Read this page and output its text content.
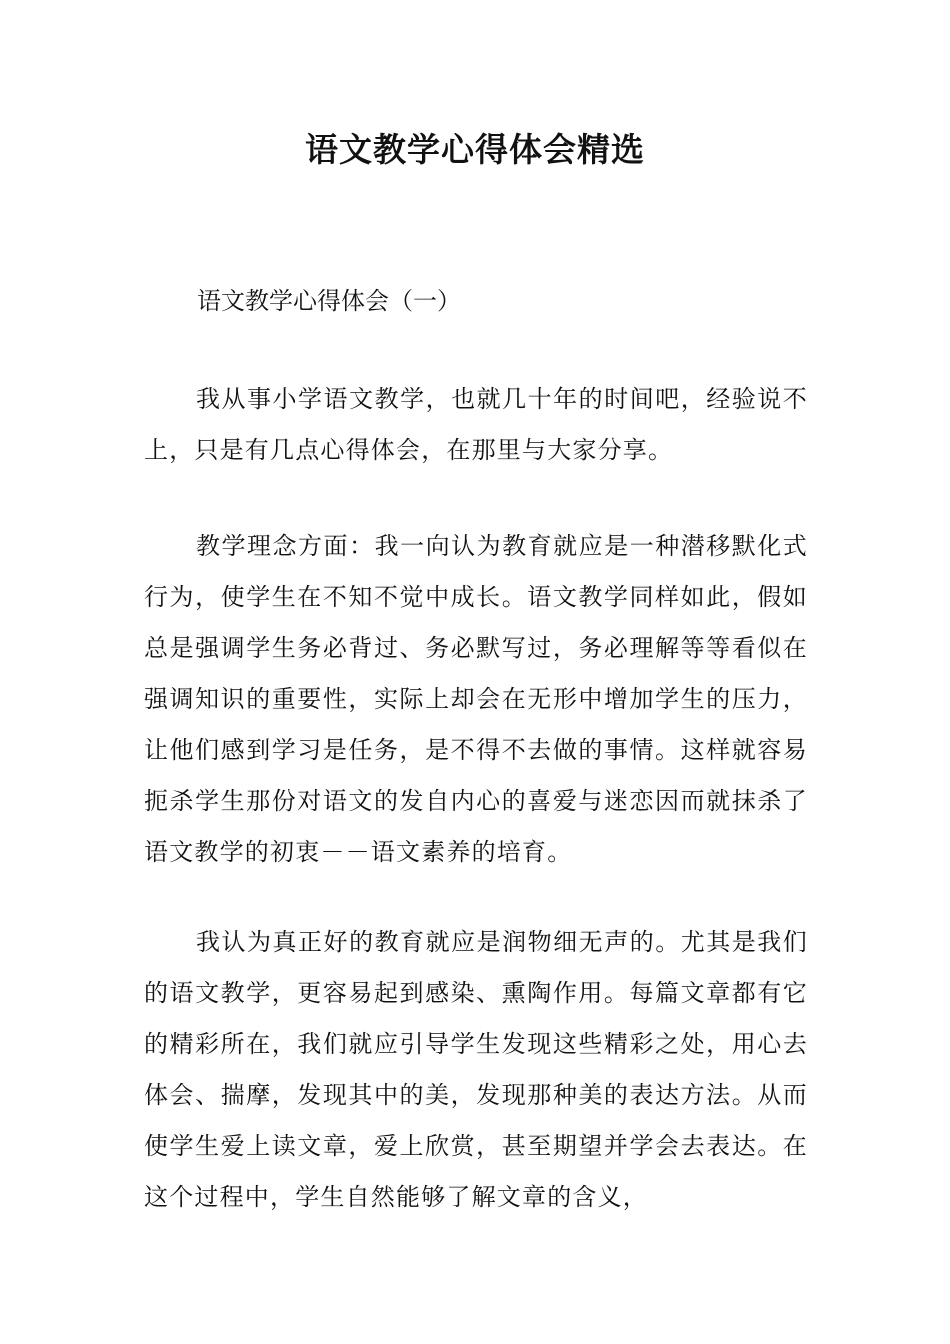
语文教学心得体会精选

语文教学心得体会（一）

我从事小学语文教学，也就几十年的时间吧，经验说不上，只是有几点心得体会，在那里与大家分享。

教学理念方面：我一向认为教育就应是一种潜移默化式行为，使学生在不知不觉中成长。语文教学同样如此，假如总是强调学生务必背过、务必默写过，务必理解等等看似在强调知识的重要性，实际上却会在无形中增加学生的压力，让他们感到学习是任务，是不得不去做的事情。这样就容易扼杀学生那份对语文的发自内心的喜爱与迷恋因而就抹杀了语文教学的初衷－－语文素养的培育。

我认为真正好的教育就应是润物细无声的。尤其是我们的语文教学，更容易起到感染、熏陶作用。每篇文章都有它的精彩所在，我们就应引导学生发现这些精彩之处，用心去体会、揣摩，发现其中的美，发现那种美的表达方法。从而使学生爱上读文章，爱上欣赏，甚至期望并学会去表达。在这个过程中，学生自然能够了解文章的含义，
